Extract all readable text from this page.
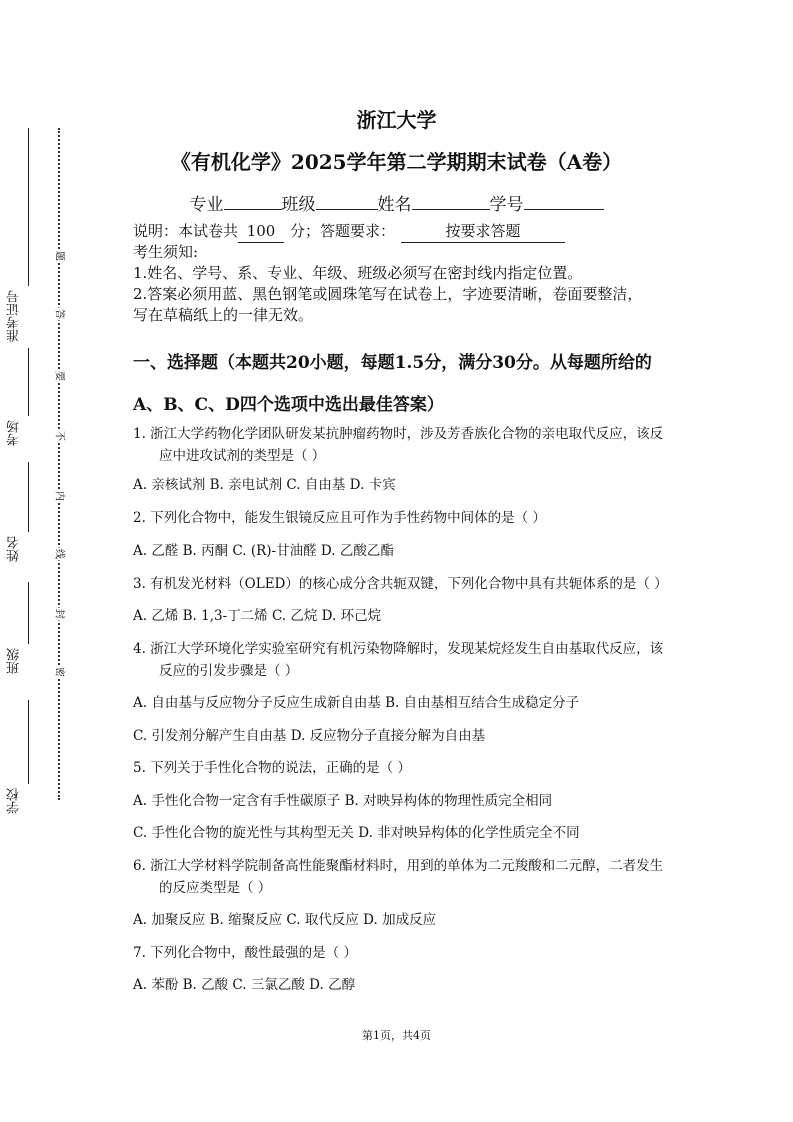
准考证号
考场
姓名
班级
学校
题
答
要
不
内
线
封
密
浙江大学
《有机化学》2025学年第二学期期末试卷（A卷）
专业	班级	姓名	学号
说明：本试卷共 100 分；答题要求：	按要求答题
考生须知:
1.姓名、学号、系、专业、年级、班级必须写在密封线内指定位置。
2.答案必须用蓝、黑色钢笔或圆珠笔写在试卷上，字迹要清晰，卷面要整洁，
写在草稿纸上的一律无效。
一、选择题（本题共20小题，每题1.5分，满分30分。从每题所给的
A、B、C、D四个选项中选出最佳答案）
1. 浙江大学药物化学团队研发某抗肿瘤药物时，涉及芳香族化合物的亲电取代反应，该反
应中进攻试剂的类型是（ ）
A. 亲核试剂 B. 亲电试剂 C. 自由基 D. 卡宾
2. 下列化合物中，能发生银镜反应且可作为手性药物中间体的是（ ）
A. 乙醛 B. 丙酮 C. (R)-甘油醛 D. 乙酸乙酯
3. 有机发光材料（OLED）的核心成分含共轭双键，下列化合物中具有共轭体系的是（ ）
A. 乙烯 B. 1,3-丁二烯 C. 乙烷 D. 环己烷
4. 浙江大学环境化学实验室研究有机污染物降解时，发现某烷烃发生自由基取代反应，该
反应的引发步骤是（ ）
A. 自由基与反应物分子反应生成新自由基 B. 自由基相互结合生成稳定分子
C. 引发剂分解产生自由基 D. 反应物分子直接分解为自由基
5. 下列关于手性化合物的说法，正确的是（ ）
A. 手性化合物一定含有手性碳原子 B. 对映异构体的物理性质完全相同
C. 手性化合物的旋光性与其构型无关 D. 非对映异构体的化学性质完全不同
6. 浙江大学材料学院制备高性能聚酯材料时，用到的单体为二元羧酸和二元醇，二者发生
的反应类型是（ ）
A. 加聚反应 B. 缩聚反应 C. 取代反应 D. 加成反应
7. 下列化合物中，酸性最强的是（ ）
A. 苯酚 B. 乙酸 C. 三氯乙酸 D. 乙醇
第1页，共4页
